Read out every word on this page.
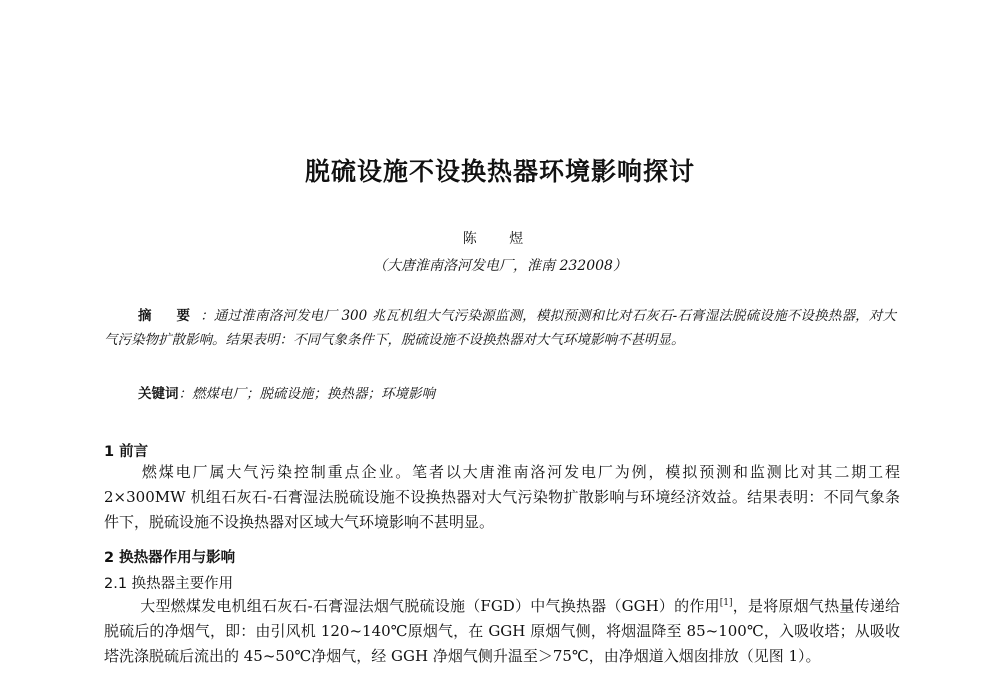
脱硫设施不设换热器环境影响探讨
陈 煜
（大唐淮南洛河发电厂，淮南 232008）
摘 要：通过淮南洛河发电厂 300 兆瓦机组大气污染源监测，模拟预测和比对石灰石-石膏湿法脱硫设施不设换热器，对大气污染物扩散影响。结果表明：不同气象条件下，脱硫设施不设换热器对大气环境影响不甚明显。
关键词：燃煤电厂；脱硫设施；换热器；环境影响
1 前言
燃煤电厂属大气污染控制重点企业。笔者以大唐淮南洛河发电厂为例，模拟预测和监测比对其二期工程 2×300MW 机组石灰石-石膏湿法脱硫设施不设换热器对大气污染物扩散影响与环境经济效益。结果表明：不同气象条件下，脱硫设施不设换热器对区域大气环境影响不甚明显。
2 换热器作用与影响
2.1 换热器主要作用
大型燃煤发电机组石灰石-石膏湿法烟气脱硫设施（FGD）中气换热器（GGH）的作用[1]，是将原烟气热量传递给脱硫后的净烟气，即：由引风机 120~140℃原烟气，在 GGH 原烟气侧，将烟温降至 85~100℃，入吸收塔；从吸收塔洗涤脱硫后流出的 45~50℃净烟气，经 GGH 净烟气侧升温至＞75℃，由净烟道入烟囱排放（见图 1）。
